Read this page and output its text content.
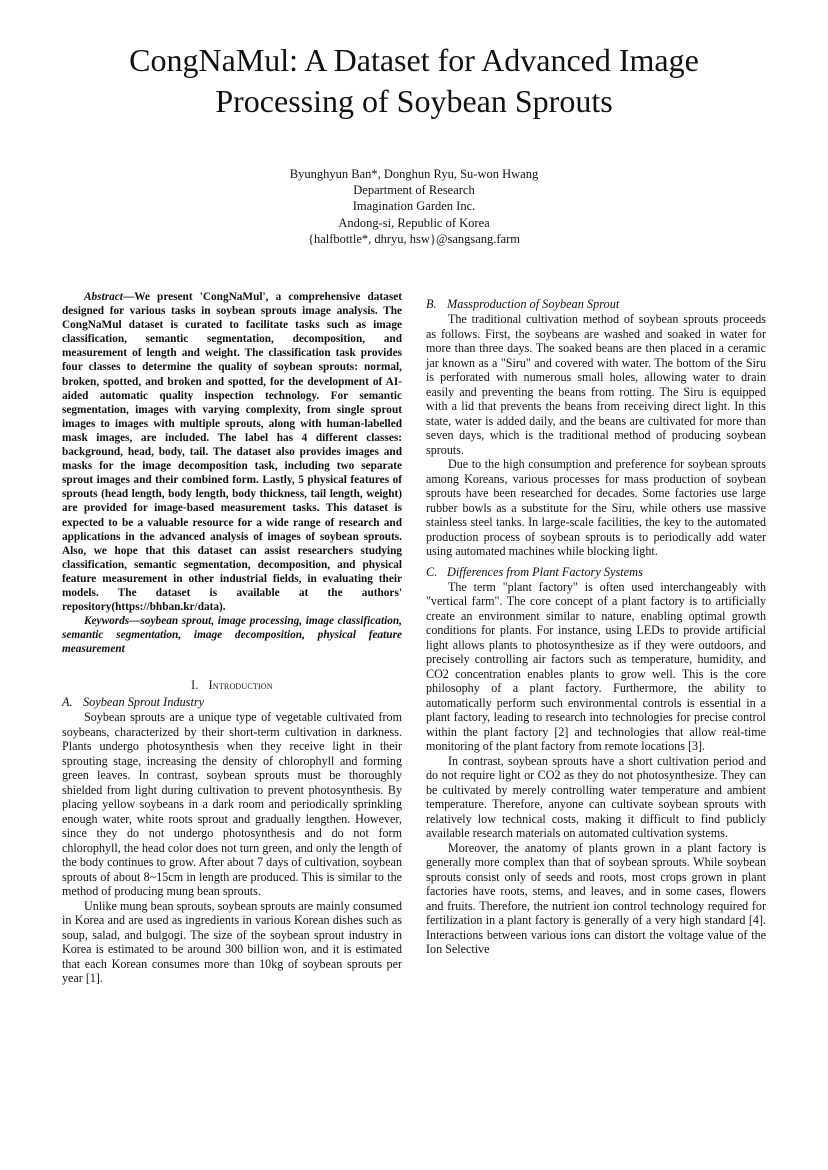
CongNaMul: A Dataset for Advanced Image
Processing of Soybean Sprouts
Byunghyun Ban*, Donghun Ryu, Su-won Hwang
Department of Research
Imagination Garden Inc.
Andong-si, Republic of Korea
{halfbottle*, dhryu, hsw}@sangsang.farm

Abstract—We present 'CongNaMul', a comprehensive dataset designed for various tasks in soybean sprouts image analysis. The CongNaMul dataset is curated to facilitate tasks such as image classification, semantic segmentation, decomposition, and measurement of length and weight. The classification task provides four classes to determine the quality of soybean sprouts: normal, broken, spotted, and broken and spotted, for the development of AI-aided automatic quality inspection technology. For semantic segmentation, images with varying complexity, from single sprout images to images with multiple sprouts, along with human-labelled mask images, are included. The label has 4 different classes: background, head, body, tail. The dataset also provides images and masks for the image decomposition task, including two separate sprout images and their combined form. Lastly, 5 physical features of sprouts (head length, body length, body thickness, tail length, weight) are provided for image-based measurement tasks. This dataset is expected to be a valuable resource for a wide range of research and applications in the advanced analysis of images of soybean sprouts. Also, we hope that this dataset can assist researchers studying classification, semantic segmentation, decomposition, and physical feature measurement in other industrial fields, in evaluating their models. The dataset is available at the authors' repository(https://bhban.kr/data).

Keywords—soybean sprout, image processing, image classification, semantic segmentation, image decomposition, physical feature measurement

I. Introduction
A. Soybean Sprout Industry

Soybean sprouts are a unique type of vegetable cultivated from soybeans, characterized by their short-term cultivation in darkness. Plants undergo photosynthesis when they receive light in their sprouting stage, increasing the density of chlorophyll and forming green leaves. In contrast, soybean sprouts must be thoroughly shielded from light during cultivation to prevent photosynthesis. By placing yellow soybeans in a dark room and periodically sprinkling enough water, white roots sprout and gradually lengthen. However, since they do not undergo photosynthesis and do not form chlorophyll, the head color does not turn green, and only the length of the body continues to grow. After about 7 days of cultivation, soybean sprouts of about 8~15cm in length are produced. This is similar to the method of producing mung bean sprouts.

Unlike mung bean sprouts, soybean sprouts are mainly consumed in Korea and are used as ingredients in various Korean dishes such as soup, salad, and bulgogi. The size of the soybean sprout industry in Korea is estimated to be around 300 billion won, and it is estimated that each Korean consumes more than 10kg of soybean sprouts per year [1].

B. Massproduction of Soybean Sprout

The traditional cultivation method of soybean sprouts proceeds as follows. First, the soybeans are washed and soaked in water for more than three days. The soaked beans are then placed in a ceramic jar known as a "Siru" and covered with water. The bottom of the Siru is perforated with numerous small holes, allowing water to drain easily and preventing the beans from rotting. The Siru is equipped with a lid that prevents the beans from receiving direct light. In this state, water is added daily, and the beans are cultivated for more than seven days, which is the traditional method of producing soybean sprouts.

Due to the high consumption and preference for soybean sprouts among Koreans, various processes for mass production of soybean sprouts have been researched for decades. Some factories use large rubber bowls as a substitute for the Siru, while others use massive stainless steel tanks. In large-scale facilities, the key to the automated production process of soybean sprouts is to periodically add water using automated machines while blocking light.

C. Differences from Plant Factory Systems

The term "plant factory" is often used interchangeably with "vertical farm". The core concept of a plant factory is to artificially create an environment similar to nature, enabling optimal growth conditions for plants. For instance, using LEDs to provide artificial light allows plants to photosynthesize as if they were outdoors, and precisely controlling air factors such as temperature, humidity, and CO2 concentration enables plants to grow well. This is the core philosophy of a plant factory. Furthermore, the ability to automatically perform such environmental controls is essential in a plant factory, leading to research into technologies for precise control within the plant factory [2] and technologies that allow real-time monitoring of the plant factory from remote locations [3].

In contrast, soybean sprouts have a short cultivation period and do not require light or CO2 as they do not photosynthesize. They can be cultivated by merely controlling water temperature and ambient temperature. Therefore, anyone can cultivate soybean sprouts with relatively low technical costs, making it difficult to find publicly available research materials on automated cultivation systems.

Moreover, the anatomy of plants grown in a plant factory is generally more complex than that of soybean sprouts. While soybean sprouts consist only of seeds and roots, most crops grown in plant factories have roots, stems, and leaves, and in some cases, flowers and fruits. Therefore, the nutrient ion control technology required for fertilization in a plant factory is generally of a very high standard [4]. Interactions between various ions can distort the voltage value of the Ion Selective
